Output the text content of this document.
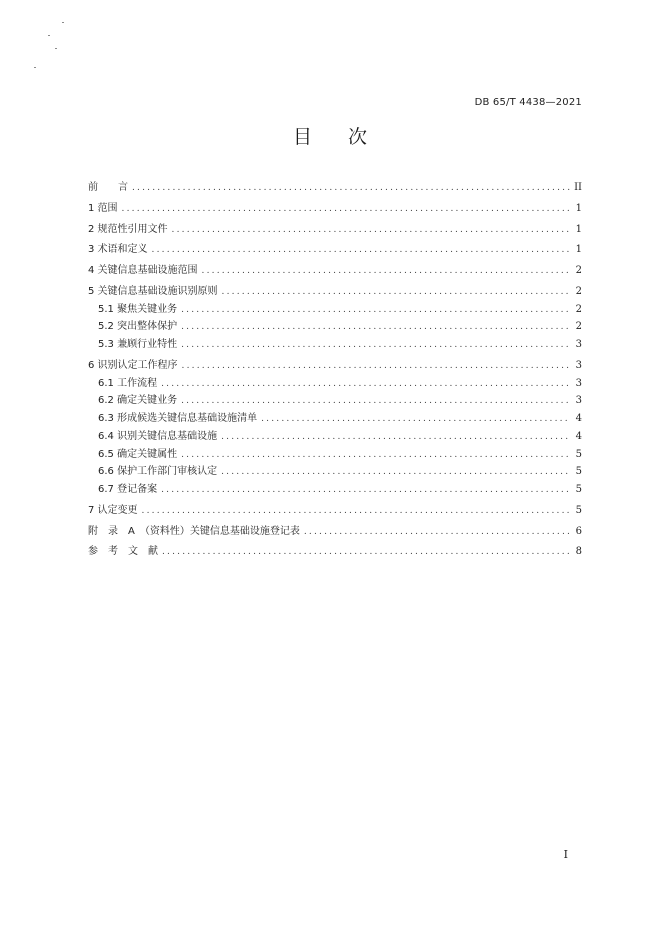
DB 65/T 4438—2021
目 次
前　　言 .....	II
1 范围 .....	1
2 规范性引用文件 .....	1
3 术语和定义 .....	1
4 关键信息基础设施范围 .....	2
5 关键信息基础设施识别原则 .....	2
5.1 聚焦关键业务 .....	2
5.2 突出整体保护 .....	2
5.3 兼顾行业特性 .....	3
6 识别认定工作程序 .....	3
6.1 工作流程 .....	3
6.2 确定关键业务 .....	3
6.3 形成候选关键信息基础设施清单 .....	4
6.4 识别关键信息基础设施 .....	4
6.5 确定关键属性 .....	5
6.6 保护工作部门审核认定 .....	5
6.7 登记备案 .....	5
7 认定变更 .....	5
附　录　A　（资料性）关键信息基础设施登记表 .....	6
参　考　文　献 .....	8
I
